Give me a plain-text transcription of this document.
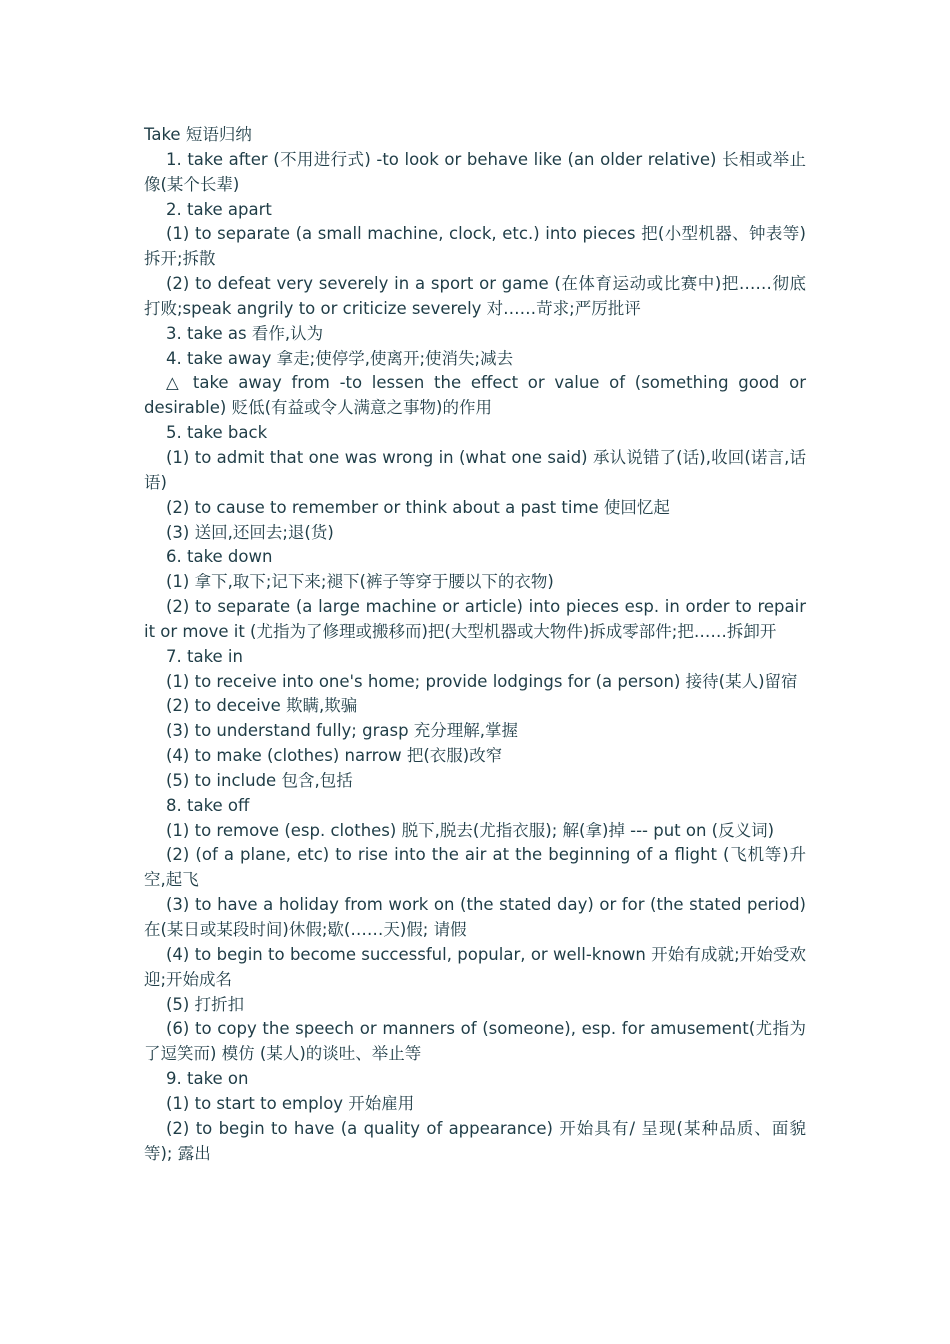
Take 短语归纳

1. take after (不用进行式) -to look or behave like (an older relative) 长相或举止像(某个长辈)

2. take apart

(1) to separate (a small machine, clock, etc.) into pieces 把(小型机器、钟表等)拆开;拆散

(2) to defeat very severely in a sport or game (在体育运动或比赛中)把……彻底打败;speak angrily to or criticize severely 对……苛求;严厉批评

3. take as 看作,认为

4. take away 拿走;使停学,使离开;使消失;减去

△ take away from -to lessen the effect or value of (something good or desirable) 贬低(有益或令人满意之事物)的作用

5. take back

(1) to admit that one was wrong in (what one said) 承认说错了(话),收回(诺言,话语)

(2) to cause to remember or think about a past time 使回忆起

(3) 送回,还回去;退(货)

6. take down

(1) 拿下,取下;记下来;褪下(裤子等穿于腰以下的衣物)

(2) to separate (a large machine or article) into pieces esp. in order to repair it or move it (尤指为了修理或搬移而)把(大型机器或大物件)拆成零部件;把……拆卸开

7. take in

(1) to receive into one's home; provide lodgings for (a person) 接待(某人)留宿

(2) to deceive 欺瞒,欺骗

(3) to understand fully; grasp 充分理解,掌握

(4) to make (clothes) narrow 把(衣服)改窄

(5) to include 包含,包括

8. take off

(1) to remove (esp. clothes) 脱下,脱去(尤指衣服); 解(拿)掉 --- put on (反义词)

(2) (of a plane, etc) to rise into the air at the beginning of a flight (飞机等)升空,起飞

(3) to have a holiday from work on (the stated day) or for (the stated period) 在(某日或某段时间)休假;歇(……天)假; 请假

(4) to begin to become successful, popular, or well-known 开始有成就;开始受欢迎;开始成名

(5) 打折扣

(6) to copy the speech or manners of (someone), esp. for amusement(尤指为了逗笑而) 模仿 (某人)的谈吐、举止等

9. take on

(1) to start to employ 开始雇用

(2) to begin to have (a quality of appearance) 开始具有/ 呈现(某种品质、面貌等); 露出
